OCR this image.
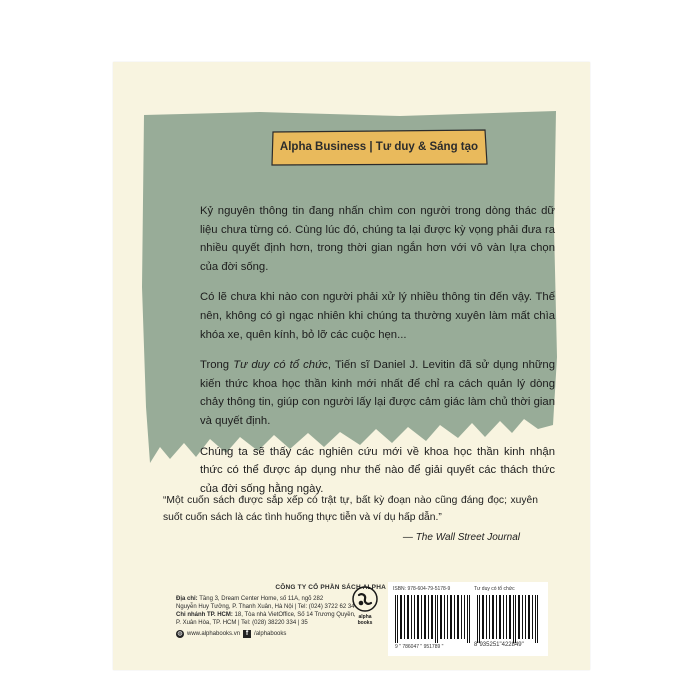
Alpha Business | Tư duy & Sáng tạo

Kỷ nguyên thông tin đang nhấn chìm con người trong dòng thác dữ liệu chưa từng có. Cùng lúc đó, chúng ta lại được kỳ vọng phải đưa ra nhiều quyết định hơn, trong thời gian ngắn hơn với vô vàn lựa chọn của đời sống.

Có lẽ chưa khi nào con người phải xử lý nhiều thông tin đến vậy. Thế nên, không có gì ngạc nhiên khi chúng ta thường xuyên làm mất chìa khóa xe, quên kính, bỏ lỡ các cuộc hẹn...

Trong Tư duy có tổ chức, Tiến sĩ Daniel J. Levitin đã sử dụng những kiến thức khoa học thần kinh mới nhất để chỉ ra cách quản lý dòng chảy thông tin, giúp con người lấy lại được cảm giác làm chủ thời gian và quyết định.

Chúng ta sẽ thấy các nghiên cứu mới về khoa học thần kinh nhận thức có thể được áp dụng như thế nào để giải quyết các thách thức của đời sống hằng ngày.

“Một cuốn sách được sắp xếp có trật tự, bất kỳ đoạn nào cũng đáng đọc; xuyên suốt cuốn sách là các tình huống thực tiễn và ví dụ hấp dẫn.”
— The Wall Street Journal
CÔNG TY CỔ PHẦN SÁCH ALPHA
Địa chỉ: Tầng 3, Dream Center Home, số 11A, ngõ 282
Nguyễn Huy Tưởng, P. Thanh Xuân, Hà Nội | Tel: (024) 3722 62 34
Chi nhánh TP. HCM: 18, Tòa nhà VietOffice, Số 14 Trương Quyền,
P. Xuân Hòa, TP. HCM | Tel: (028) 38220 334 | 35
◍ www.alphabooks.vn f /alphabooks
alpha
books
ISBN: 978-604-79-5178-9	Tư duy có tổ chức
9 " 786047 " 951789 "	8"935251"422849"
